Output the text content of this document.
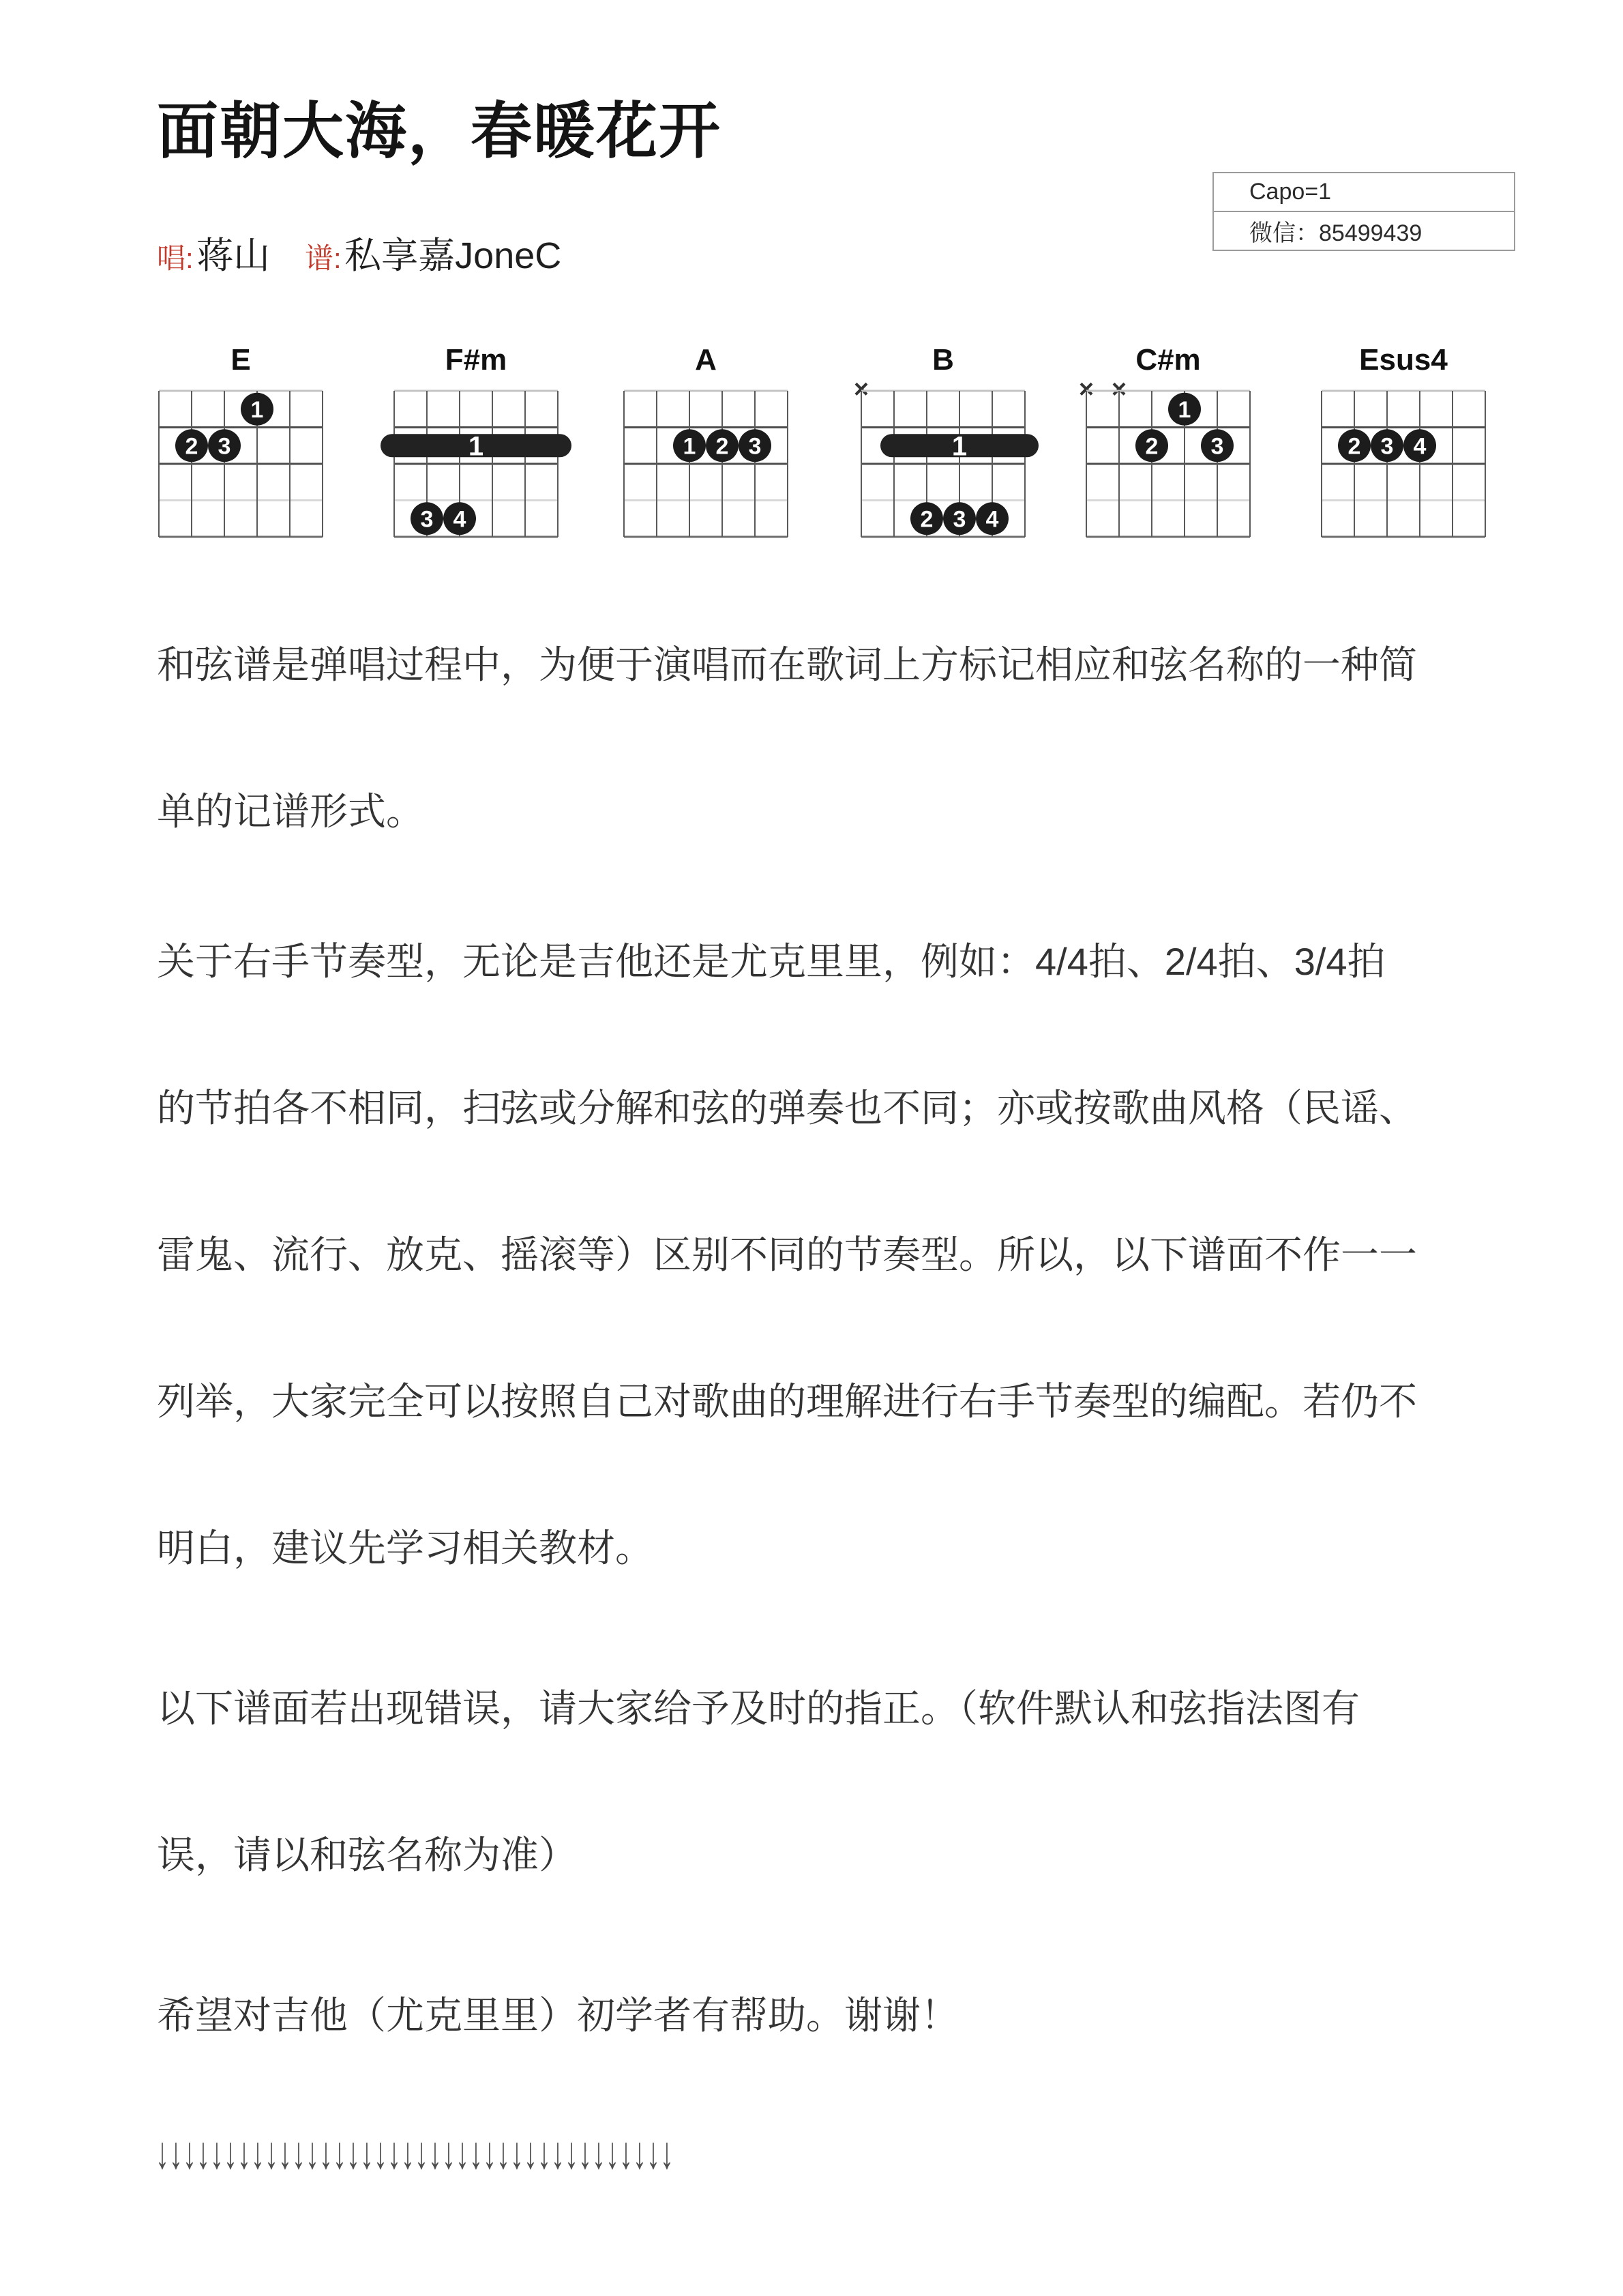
面朝大海，春暖花开
唱: 蒋山 谱: 私享嘉JoneC
Capo=1
微信：85499439
E
1
2 3
F#m
1
3 4
A
1 2 3
B
×
1
2 3 4
C#m
× ×
1
2 3
Esus4
2 3 4
和弦谱是弹唱过程中，为便于演唱而在歌词上方标记相应和弦名称的一种简
单的记谱形式。
关于右手节奏型，无论是吉他还是尤克里里，例如：4/4拍、2/4拍、3/4拍
的节拍各不相同，扫弦或分解和弦的弹奏也不同；亦或按歌曲风格（民谣、
雷鬼、流行、放克、摇滚等）区别不同的节奏型。所以，以下谱面不作一一
列举，大家完全可以按照自己对歌曲的理解进行右手节奏型的编配。若仍不
明白，建议先学习相关教材。
以下谱面若出现错误，请大家给予及时的指正。（软件默认和弦指法图有
误，请以和弦名称为准）
希望对吉他（尤克里里）初学者有帮助。谢谢！
↓↓↓↓↓↓↓↓↓↓↓↓↓↓↓↓↓↓↓↓↓↓↓↓↓↓↓↓↓↓↓↓↓↓↓↓↓↓
